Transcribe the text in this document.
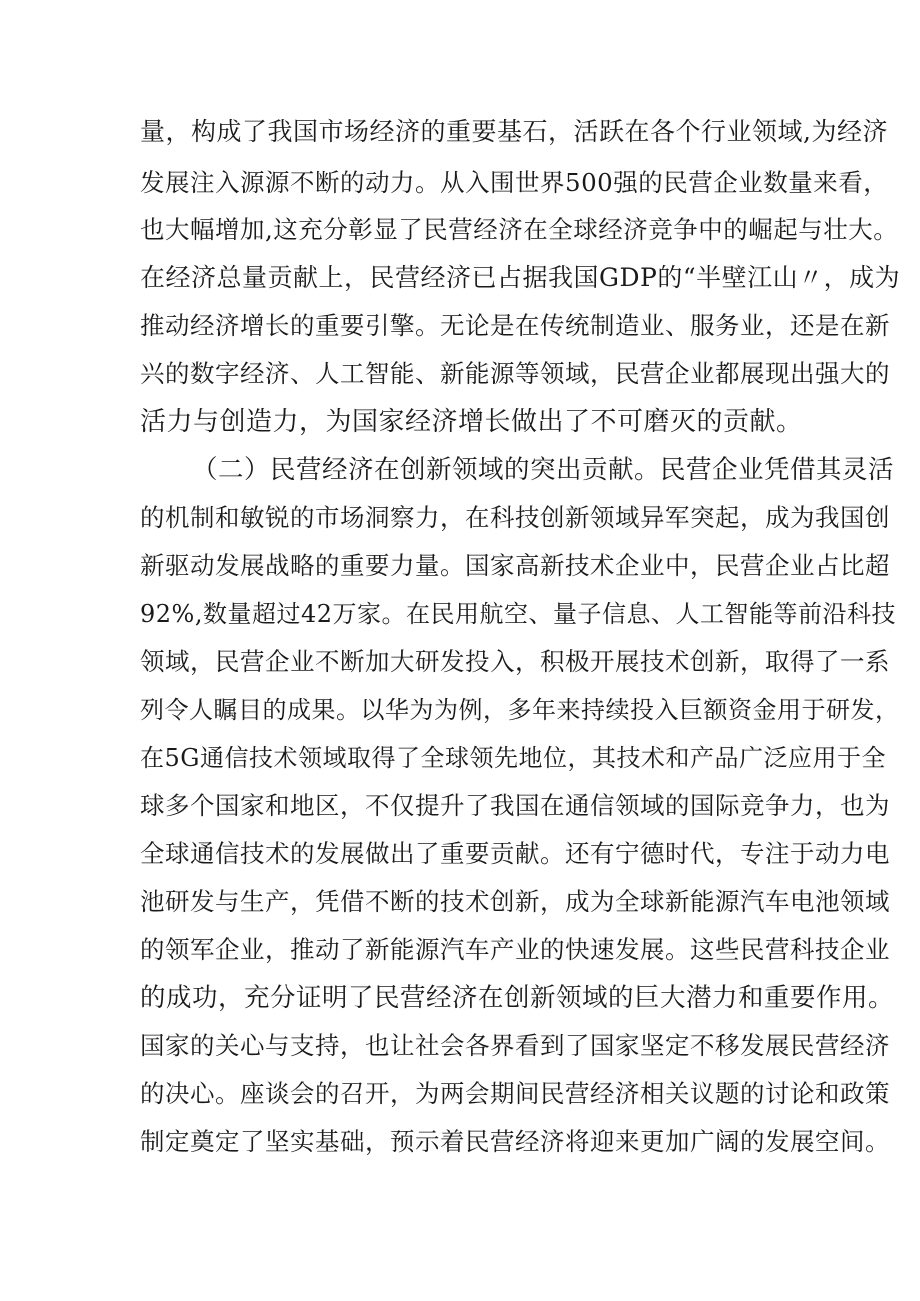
量，构成了我国市场经济的重要基石，活跃在各个行业领域,为经济
发展注入源源不断的动力。从入围世界500强的民营企业数量来看，
也大幅增加,这充分彰显了民营经济在全球经济竞争中的崛起与壮大。
在经济总量贡献上，民营经济已占据我国GDP的“半壁江山〃，成为
推动经济增长的重要引擎。无论是在传统制造业、服务业，还是在新
兴的数字经济、人工智能、新能源等领域，民营企业都展现出强大的
活力与创造力，为国家经济增长做出了不可磨灭的贡献。
（二）民营经济在创新领域的突出贡献。民营企业凭借其灵活
的机制和敏锐的市场洞察力，在科技创新领域异军突起，成为我国创
新驱动发展战略的重要力量。国家高新技术企业中，民营企业占比超
92%,数量超过42万家。在民用航空、量子信息、人工智能等前沿科技
领域，民营企业不断加大研发投入，积极开展技术创新，取得了一系
列令人瞩目的成果。以华为为例，多年来持续投入巨额资金用于研发，
在5G通信技术领域取得了全球领先地位，其技术和产品广泛应用于全
球多个国家和地区，不仅提升了我国在通信领域的国际竞争力，也为
全球通信技术的发展做出了重要贡献。还有宁德时代，专注于动力电
池研发与生产，凭借不断的技术创新，成为全球新能源汽车电池领域
的领军企业，推动了新能源汽车产业的快速发展。这些民营科技企业
的成功，充分证明了民营经济在创新领域的巨大潜力和重要作用。
国家的关心与支持，也让社会各界看到了国家坚定不移发展民营经济
的决心。座谈会的召开，为两会期间民营经济相关议题的讨论和政策
制定奠定了坚实基础，预示着民营经济将迎来更加广阔的发展空间。
